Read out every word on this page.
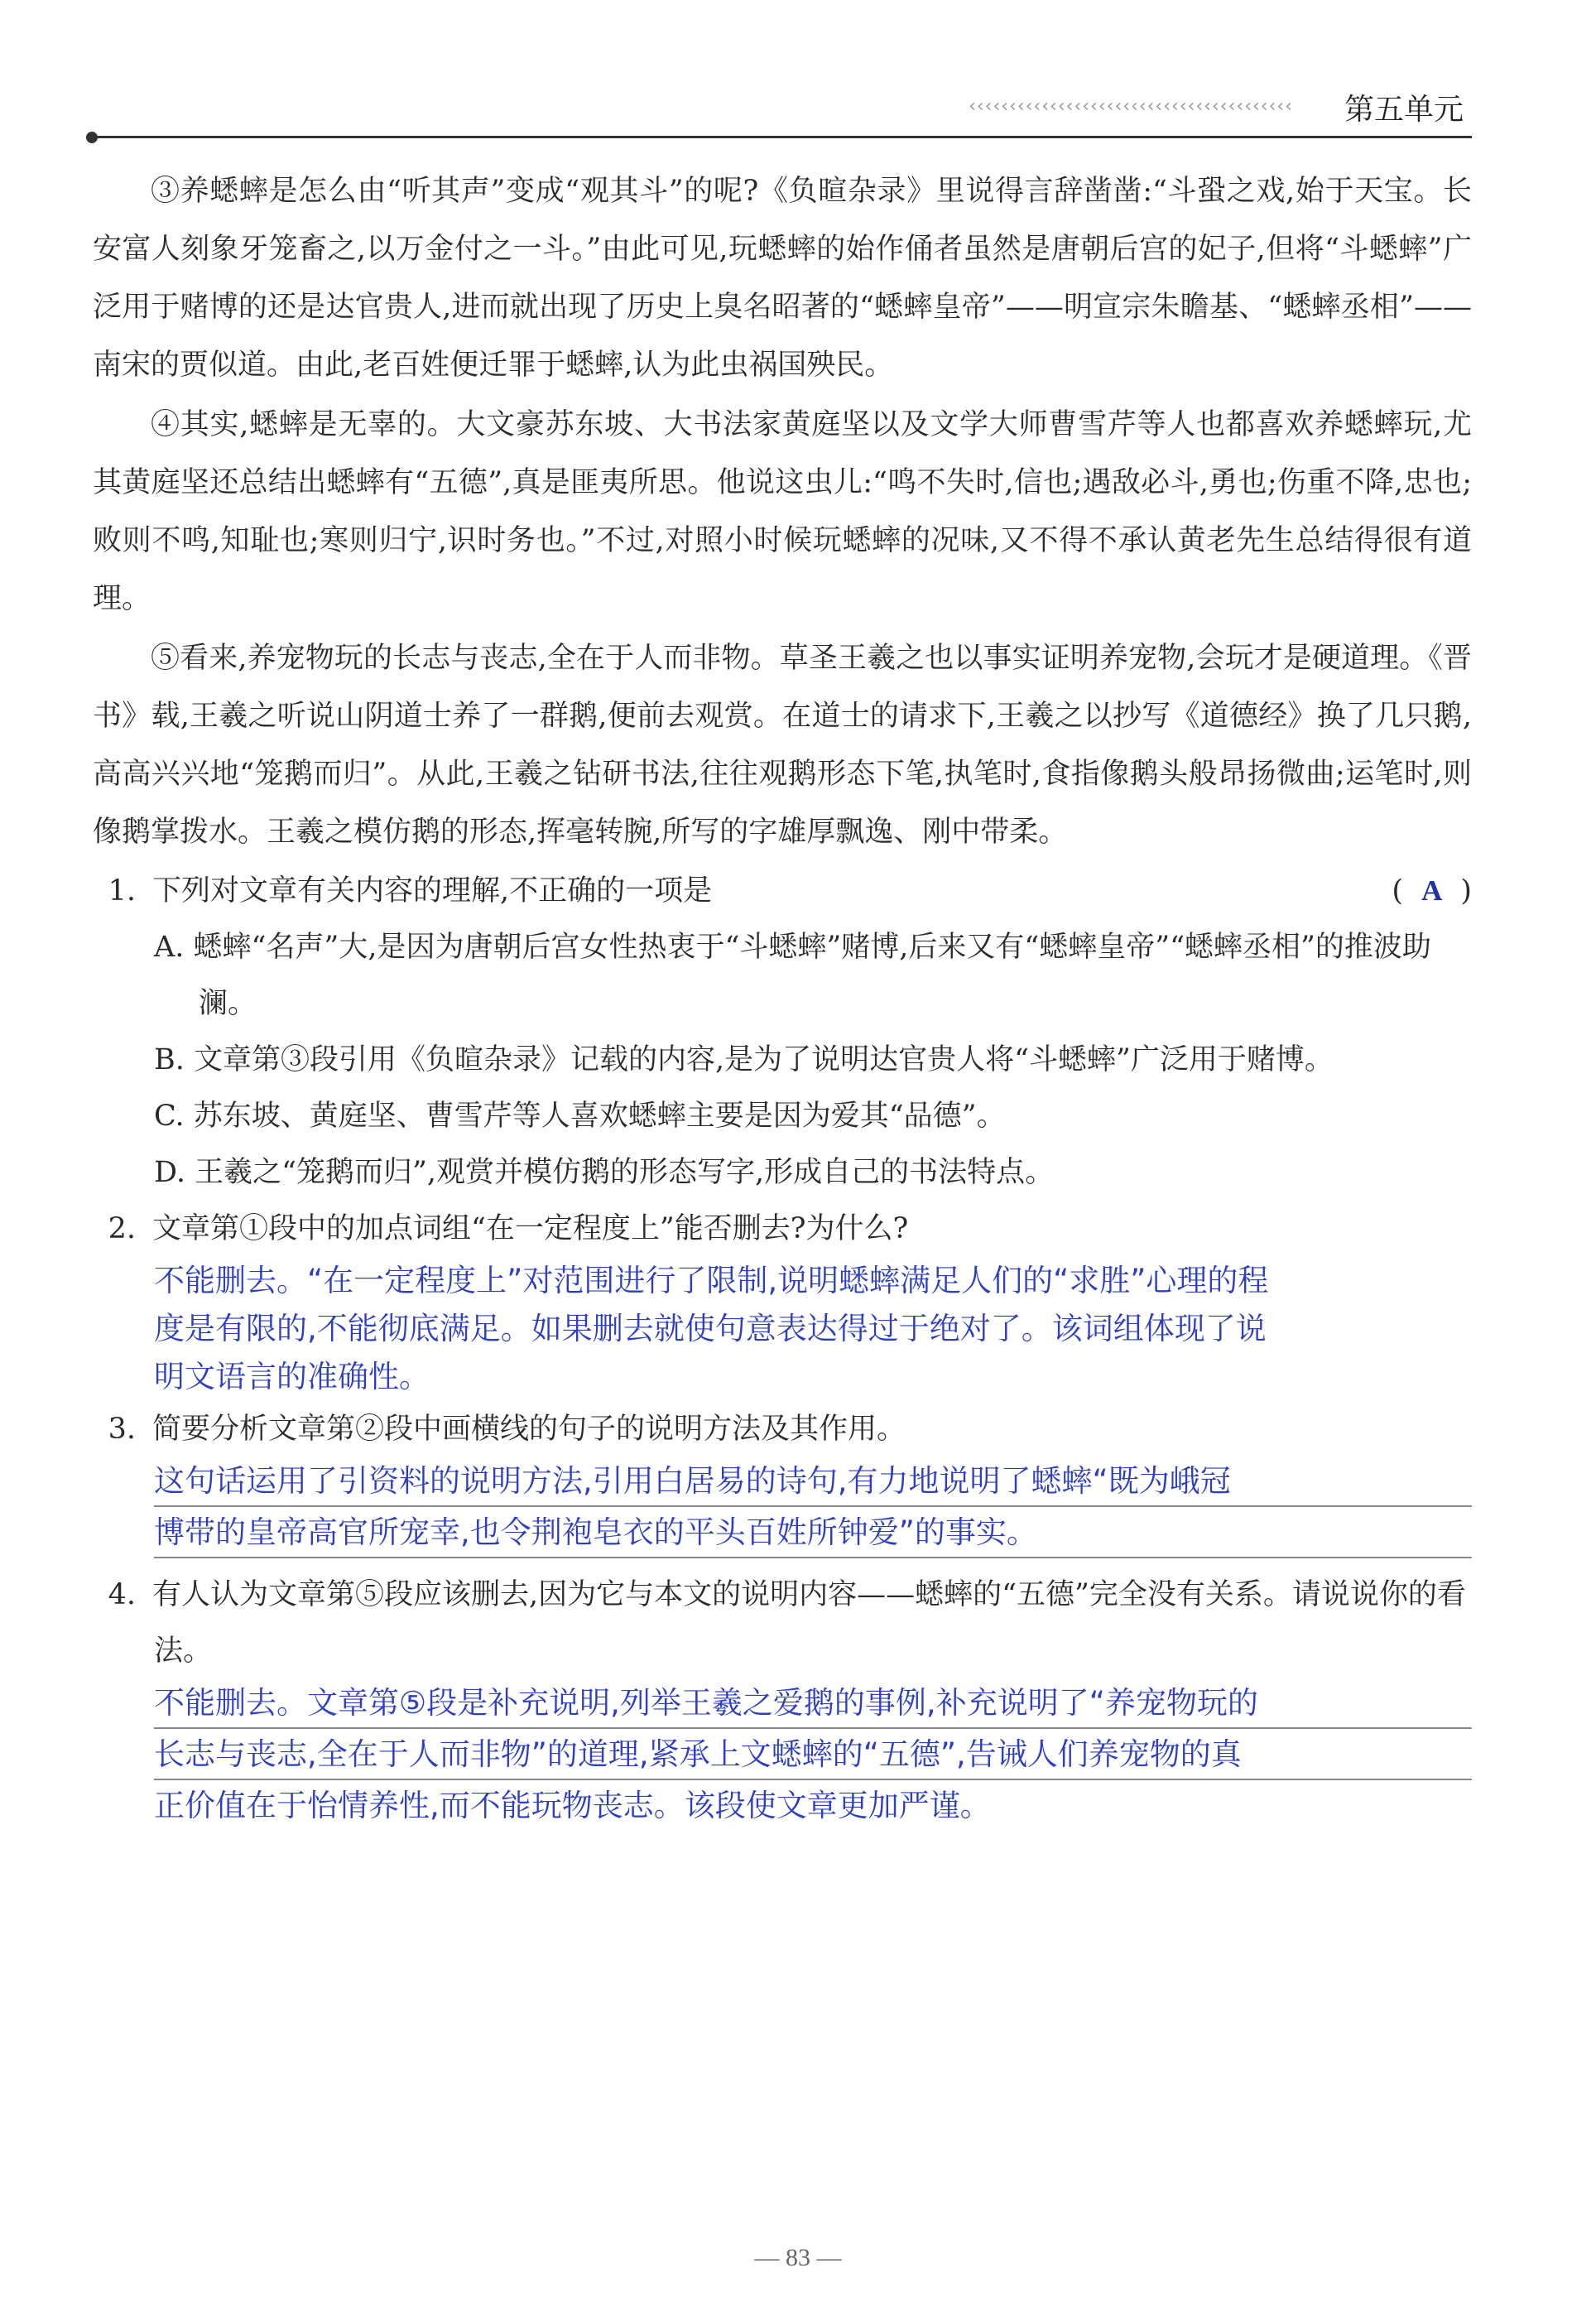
‹‹‹‹‹‹‹‹‹‹‹‹‹‹‹‹‹‹‹‹‹‹‹‹‹‹‹‹‹‹‹‹‹‹‹‹‹‹‹‹ 第五单元

③养蟋蟀是怎么由“听其声”变成“观其斗”的呢?《负暄杂录》里说得言辞凿凿:“斗蛩之戏,始于天宝。长安富人刻象牙笼畜之,以万金付之一斗。”由此可见,玩蟋蟀的始作俑者虽然是唐朝后宫的妃子,但将“斗蟋蟀”广泛用于赌博的还是达官贵人,进而就出现了历史上臭名昭著的“蟋蟀皇帝”——明宣宗朱瞻基、“蟋蟀丞相”——南宋的贾似道。由此,老百姓便迁罪于蟋蟀,认为此虫祸国殃民。

④其实,蟋蟀是无辜的。大文豪苏东坡、大书法家黄庭坚以及文学大师曹雪芹等人也都喜欢养蟋蟀玩,尤其黄庭坚还总结出蟋蟀有“五德”,真是匪夷所思。他说这虫儿:“鸣不失时,信也;遇敌必斗,勇也;伤重不降,忠也;败则不鸣,知耻也;寒则归宁,识时务也。”不过,对照小时候玩蟋蟀的况味,又不得不承认黄老先生总结得很有道理。

⑤看来,养宠物玩的长志与丧志,全在于人而非物。草圣王羲之也以事实证明养宠物,会玩才是硬道理。《晋书》载,王羲之听说山阴道士养了一群鹅,便前去观赏。在道士的请求下,王羲之以抄写《道德经》换了几只鹅,高高兴兴地“笼鹅而归”。从此,王羲之钻研书法,往往观鹅形态下笔,执笔时,食指像鹅头般昂扬微曲;运笔时,则像鹅掌拨水。王羲之模仿鹅的形态,挥毫转腕,所写的字雄厚飘逸、刚中带柔。

1. 下列对文章有关内容的理解,不正确的一项是	( A )
A. 蟋蟀“名声”大,是因为唐朝后宫女性热衷于“斗蟋蟀”赌博,后来又有“蟋蟀皇帝”“蟋蟀丞相”的推波助澜。
B. 文章第③段引用《负暄杂录》记载的内容,是为了说明达官贵人将“斗蟋蟀”广泛用于赌博。
C. 苏东坡、黄庭坚、曹雪芹等人喜欢蟋蟀主要是因为爱其“品德”。
D. 王羲之“笼鹅而归”,观赏并模仿鹅的形态写字,形成自己的书法特点。
2. 文章第①段中的加点词组“在一定程度上”能否删去?为什么?
不能删去。“在一定程度上”对范围进行了限制,说明蟋蟀满足人们的“求胜”心理的程
度是有限的,不能彻底满足。如果删去就使句意表达得过于绝对了。该词组体现了说
明文语言的准确性。
3. 简要分析文章第②段中画横线的句子的说明方法及其作用。
这句话运用了引资料的说明方法,引用白居易的诗句,有力地说明了蟋蟀“既为峨冠
博带的皇帝高官所宠幸,也令荆袍皂衣的平头百姓所钟爱”的事实。
4. 有人认为文章第⑤段应该删去,因为它与本文的说明内容——蟋蟀的“五德”完全没有关系。请说说你的看法。
不能删去。文章第⑤段是补充说明,列举王羲之爱鹅的事例,补充说明了“养宠物玩的
长志与丧志,全在于人而非物”的道理,紧承上文蟋蟀的“五德”,告诫人们养宠物的真
正价值在于怡情养性,而不能玩物丧志。该段使文章更加严谨。
— 83 —
